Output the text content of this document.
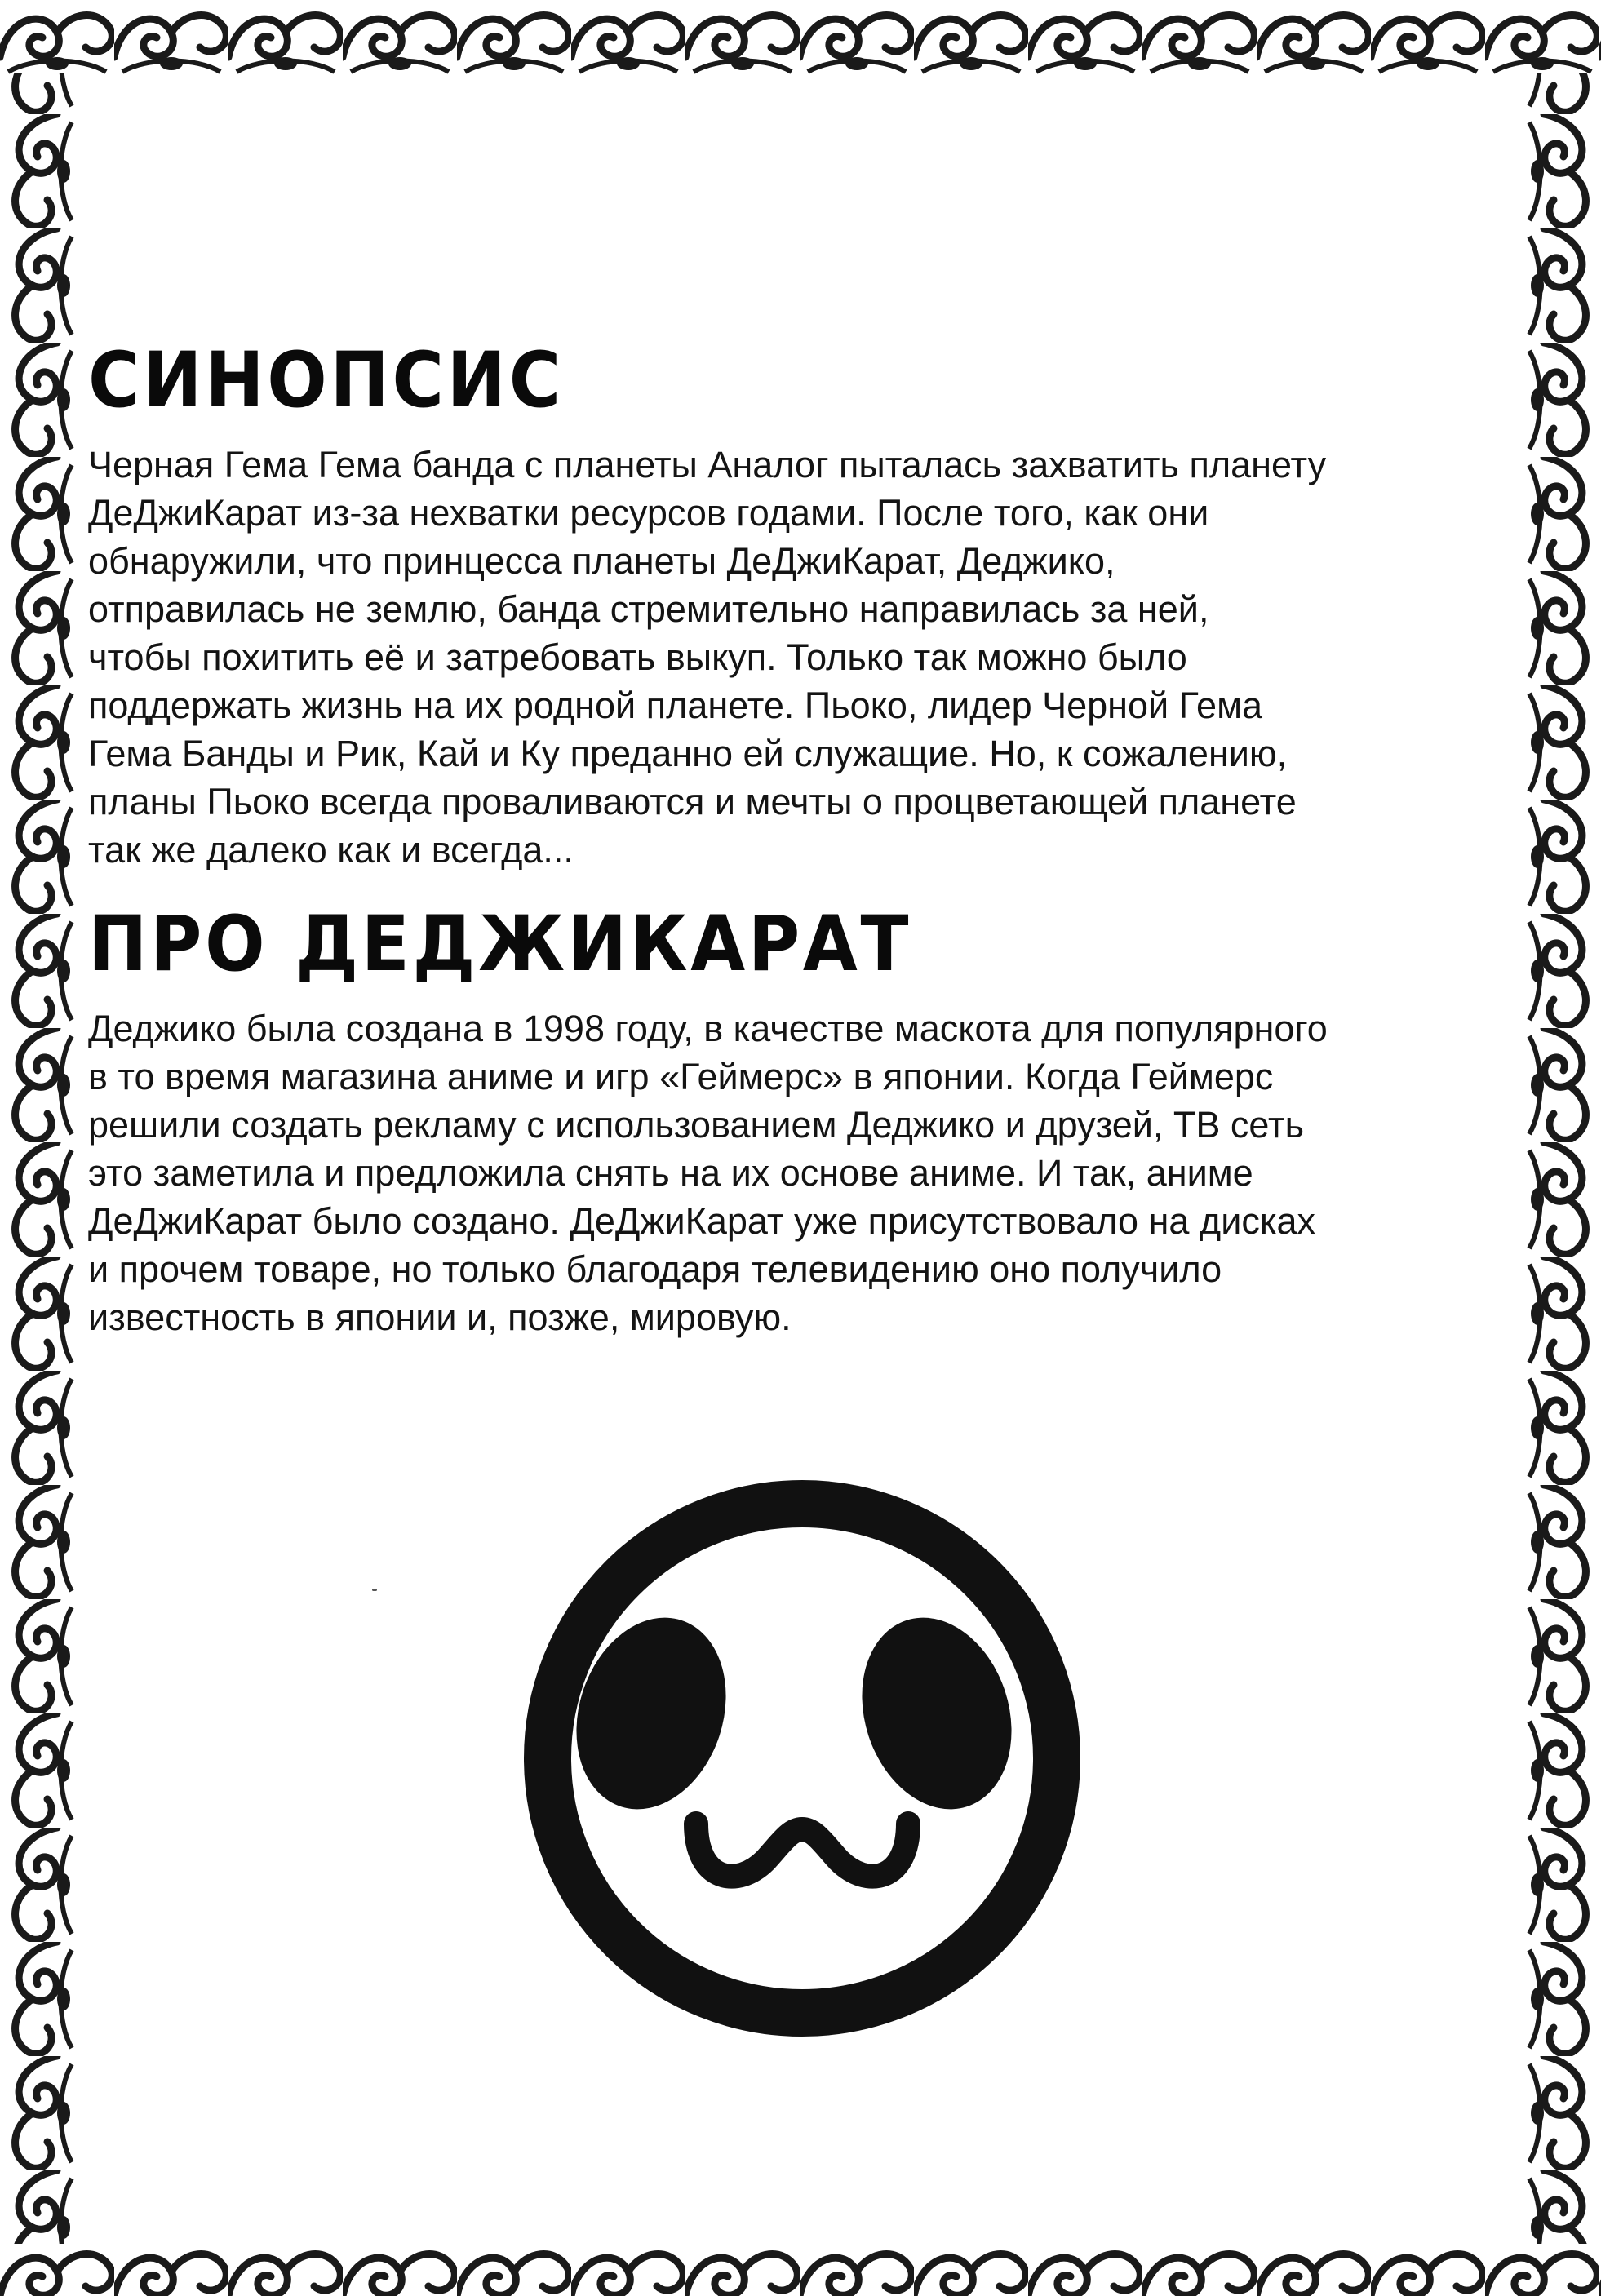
СИНОПСИС

Черная Гема Гема банда с планеты Аналог пыталась захватить планету
ДеДжиКарат из-за нехватки ресурсов годами. После того, как они
обнаружили, что принцесса планеты ДеДжиКарат, Деджико,
отправилась не землю, банда стремительно направилась за ней,
чтобы похитить её и затребовать выкуп. Только так можно было
поддержать жизнь на их родной планете. Пьоко, лидер Черной Гема
Гема Банды и Рик, Кай и Ку преданно ей служащие. Но, к сожалению,
планы Пьоко всегда проваливаются и мечты о процветающей планете
так же далеко как и всегда...

ПРО ДЕДЖИКАРАТ

Деджико была создана в 1998 году, в качестве маскота для популярного
в то время магазина аниме и игр «Геймерс» в японии. Когда Геймерс
решили создать рекламу с использованием Деджико и друзей, ТВ сеть
это заметила и предложила снять на их основе аниме. И так, аниме
ДеДжиКарат было создано. ДеДжиКарат уже присутствовало на дисках
и прочем товаре, но только благодаря телевидению оно получило
известность в японии и, позже, мировую.
